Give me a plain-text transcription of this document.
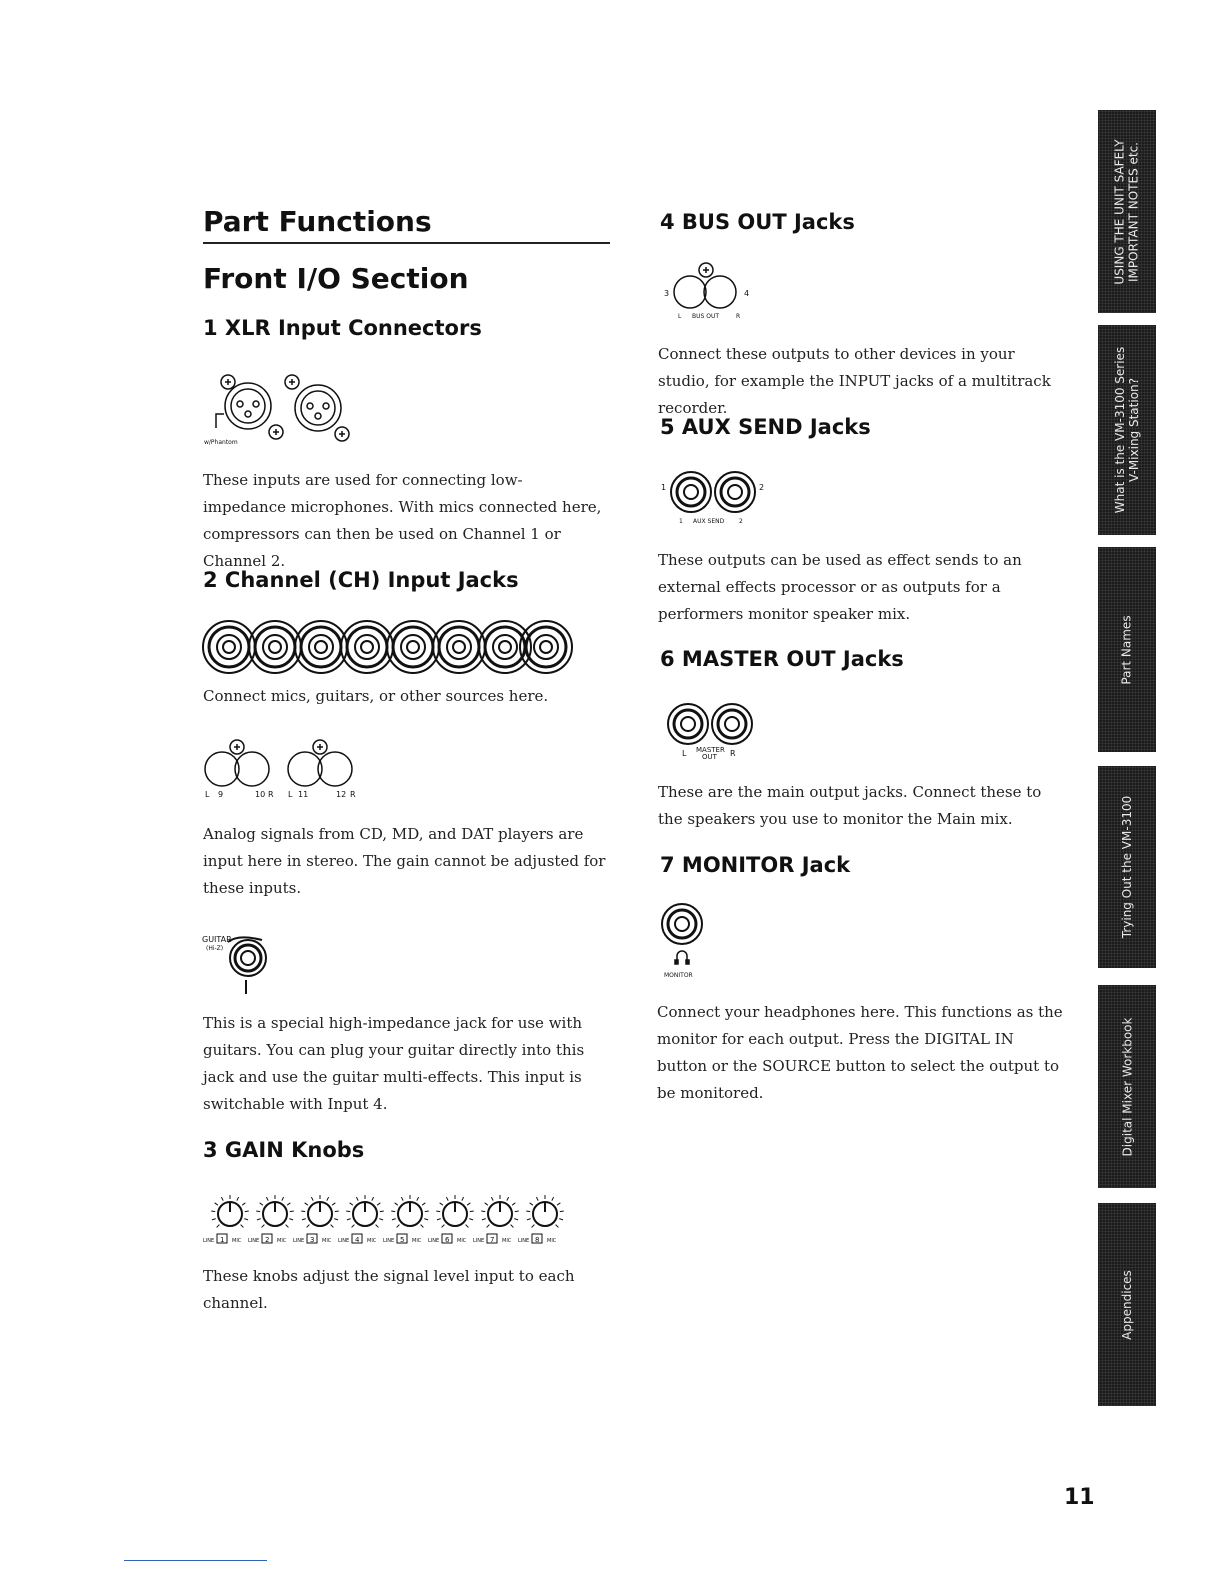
Part Functions
Front I/O Section
1 XLR Input Connectors
w/Phantom
These inputs are used for connecting low-impedance microphones. With mics connected here, compressors can then be used on Channel 1 or Channel 2.
2 Channel (CH) Input Jacks
Connect mics, guitars, or other sources here.
L 9	10 R L 11	12 R
Analog signals from CD, MD, and DAT players are input here in stereo. The gain cannot be adjusted for these inputs.
GUITAR
(Hi-Z)
This is a special high-impedance jack for use with guitars. You can plug your guitar directly into this jack and use the guitar multi-effects. This input is switchable with Input 4.
3 GAIN Knobs
LINE 1 MIC LINE 2 MIC LINE 3 MIC LINE 4 MIC LINE 5 MIC LINE 6 MIC LINE 7 MIC LINE 8 MIC
These knobs adjust the signal level input to each channel.
4 BUS OUT Jacks
3	4
L BUS OUT	R
Connect these outputs to other devices in your studio, for example the INPUT jacks of a multitrack recorder.
5 AUX SEND Jacks
1	2
1 AUX SEND 2
These outputs can be used as effect sends to an external effects processor or as outputs for a performers monitor speaker mix.
6 MASTER OUT Jacks
L MASTER
OUT R
These are the main output jacks. Connect these to the speakers you use to monitor the Main mix.
7 MONITOR Jack
MONITOR
Connect your headphones here. This functions as the monitor for each output. Press the DIGITAL IN button or the SOURCE button to select the output to be monitored.
USING THE UNIT SAFELY
IMPORTANT NOTES etc.
What is the VM-3100 Series
V-Mixing Station?
Part Names
Trying Out the VM-3100
Digital Mixer Workbook
Appendices
11
